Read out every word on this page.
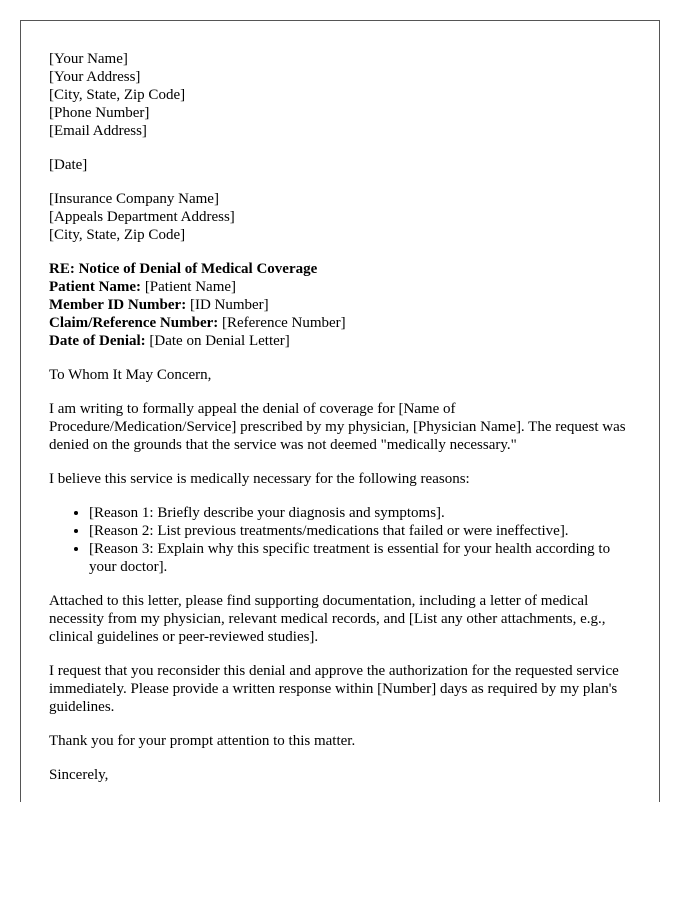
[Your Name]
[Your Address]
[City, State, Zip Code]
[Phone Number]
[Email Address]
[Date]
[Insurance Company Name]
[Appeals Department Address]
[City, State, Zip Code]
RE: Notice of Denial of Medical Coverage
Patient Name: [Patient Name]
Member ID Number: [ID Number]
Claim/Reference Number: [Reference Number]
Date of Denial: [Date on Denial Letter]

To Whom It May Concern,

I am writing to formally appeal the denial of coverage for [Name of Procedure/Medication/Service] prescribed by my physician, [Physician Name]. The request was denied on the grounds that the service was not deemed "medically necessary."

I believe this service is medically necessary for the following reasons:

• [Reason 1: Briefly describe your diagnosis and symptoms].
• [Reason 2: List previous treatments/medications that failed or were ineffective].
• [Reason 3: Explain why this specific treatment is essential for your health according to your doctor].

Attached to this letter, please find supporting documentation, including a letter of medical necessity from my physician, relevant medical records, and [List any other attachments, e.g., clinical guidelines or peer-reviewed studies].

I request that you reconsider this denial and approve the authorization for the requested service immediately. Please provide a written response within [Number] days as required by my plan's guidelines.

Thank you for your prompt attention to this matter.

Sincerely,
